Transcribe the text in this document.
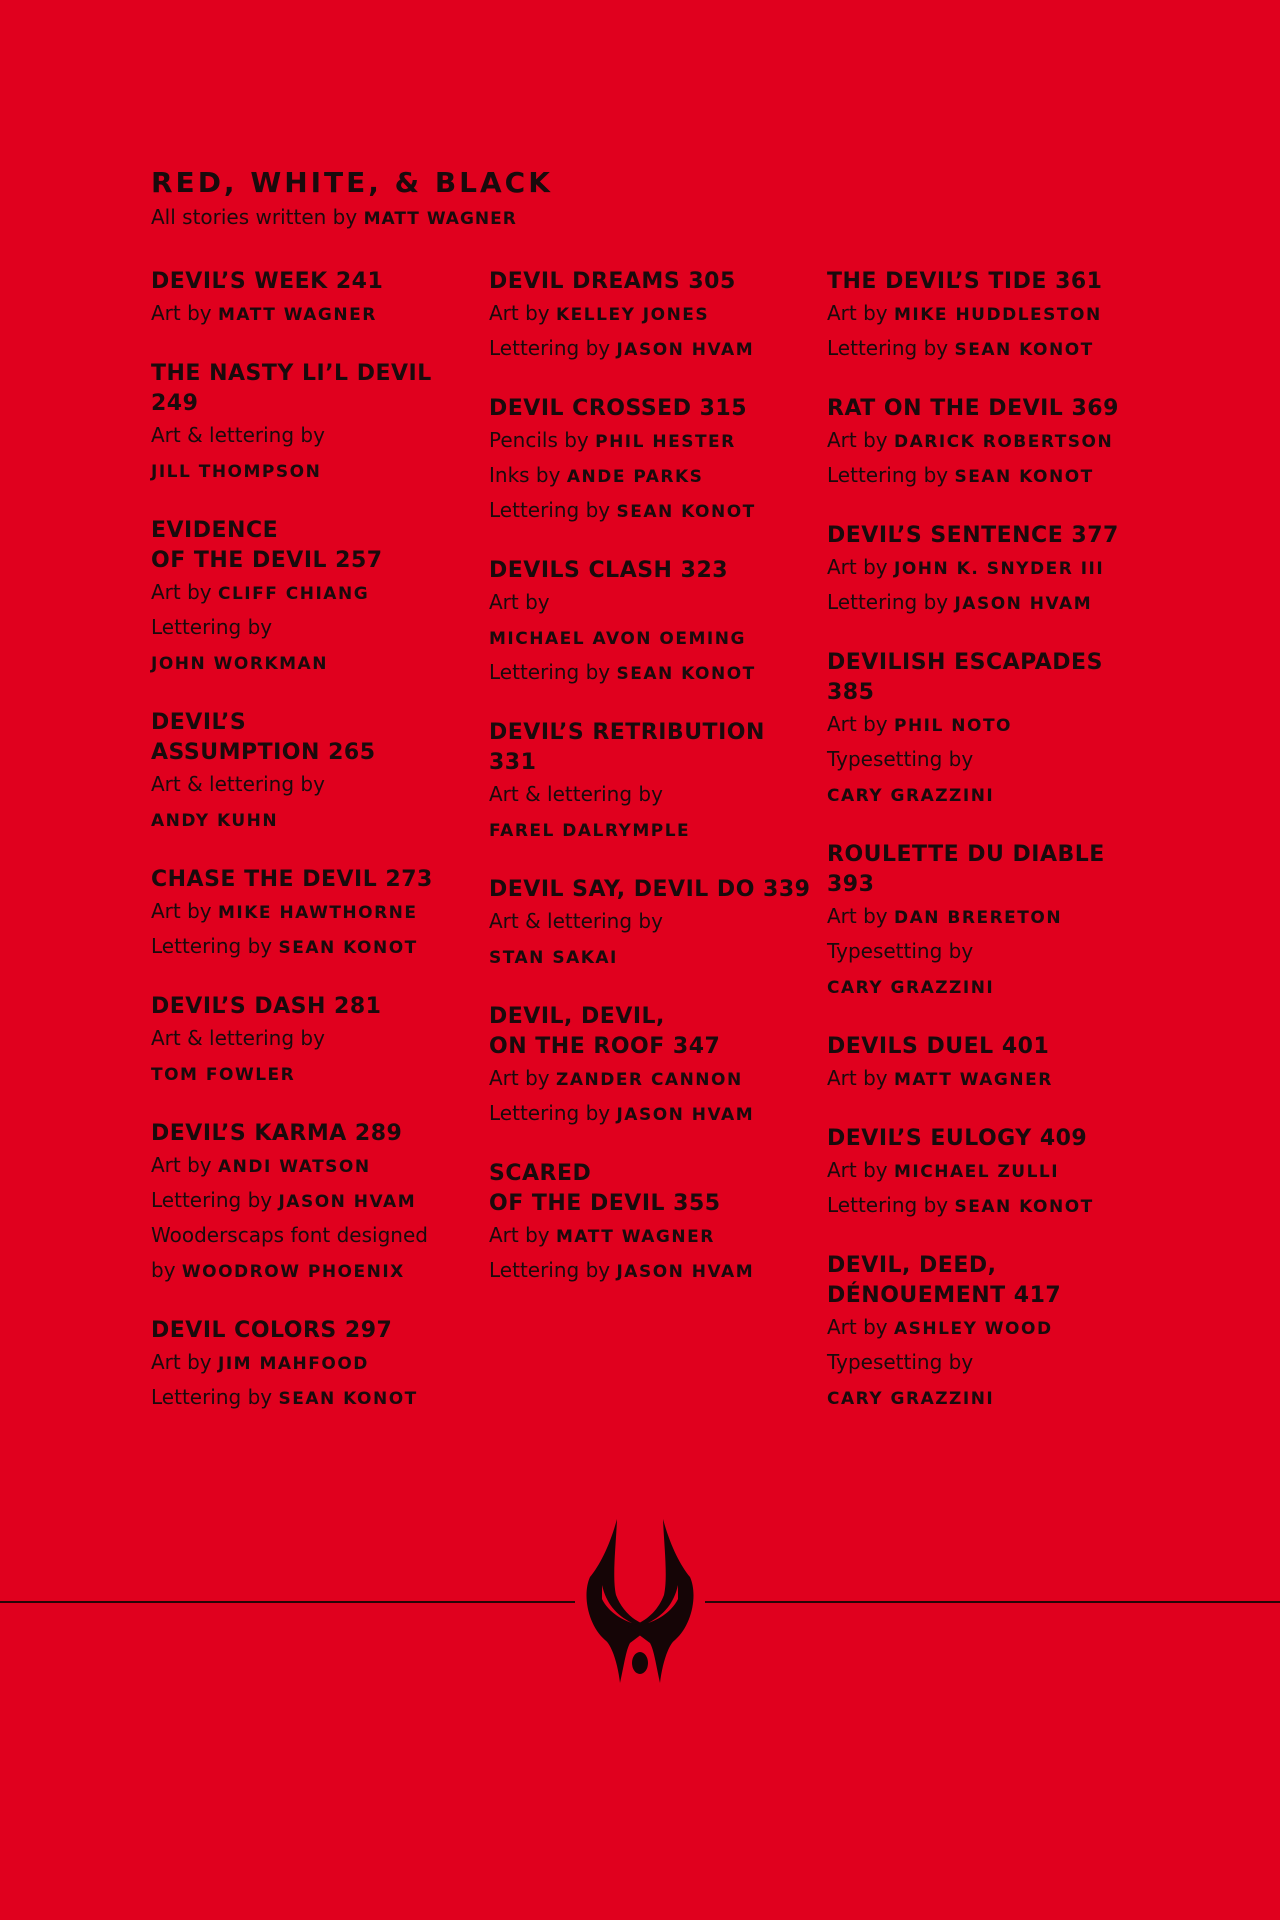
RED, WHITE, & BLACK
All stories written by MATT WAGNER
DEVIL’S WEEK 241
Art by MATT WAGNER
THE NASTY LI’L DEVIL 249
Art & lettering by
JILL THOMPSON
EVIDENCE
OF THE DEVIL 257
Art by CLIFF CHIANG
Lettering by
JOHN WORKMAN
DEVIL’S
ASSUMPTION 265
Art & lettering by
ANDY KUHN
CHASE THE DEVIL 273
Art by MIKE HAWTHORNE
Lettering by SEAN KONOT
DEVIL’S DASH 281
Art & lettering by
TOM FOWLER
DEVIL’S KARMA 289
Art by ANDI WATSON
Lettering by JASON HVAM
Wooderscaps font designed
by WOODROW PHOENIX
DEVIL COLORS 297
Art by JIM MAHFOOD
Lettering by SEAN KONOT
DEVIL DREAMS 305
Art by KELLEY JONES
Lettering by JASON HVAM
DEVIL CROSSED 315
Pencils by PHIL HESTER
Inks by ANDE PARKS
Lettering by SEAN KONOT
DEVILS CLASH 323
Art by
MICHAEL AVON OEMING
Lettering by SEAN KONOT
DEVIL’S RETRIBUTION 331
Art & lettering by
FAREL DALRYMPLE
DEVIL SAY, DEVIL DO 339
Art & lettering by
STAN SAKAI
DEVIL, DEVIL,
ON THE ROOF 347
Art by ZANDER CANNON
Lettering by JASON HVAM
SCARED
OF THE DEVIL 355
Art by MATT WAGNER
Lettering by JASON HVAM
THE DEVIL’S TIDE 361
Art by MIKE HUDDLESTON
Lettering by SEAN KONOT
RAT ON THE DEVIL 369
Art by DARICK ROBERTSON
Lettering by SEAN KONOT
DEVIL’S SENTENCE 377
Art by JOHN K. SNYDER III
Lettering by JASON HVAM
DEVILISH ESCAPADES 385
Art by PHIL NOTO
Typesetting by
CARY GRAZZINI
ROULETTE DU DIABLE 393
Art by DAN BRERETON
Typesetting by
CARY GRAZZINI
DEVILS DUEL 401
Art by MATT WAGNER
DEVIL’S EULOGY 409
Art by MICHAEL ZULLI
Lettering by SEAN KONOT
DEVIL, DEED,
DÉNOUEMENT 417
Art by ASHLEY WOOD
Typesetting by
CARY GRAZZINI
